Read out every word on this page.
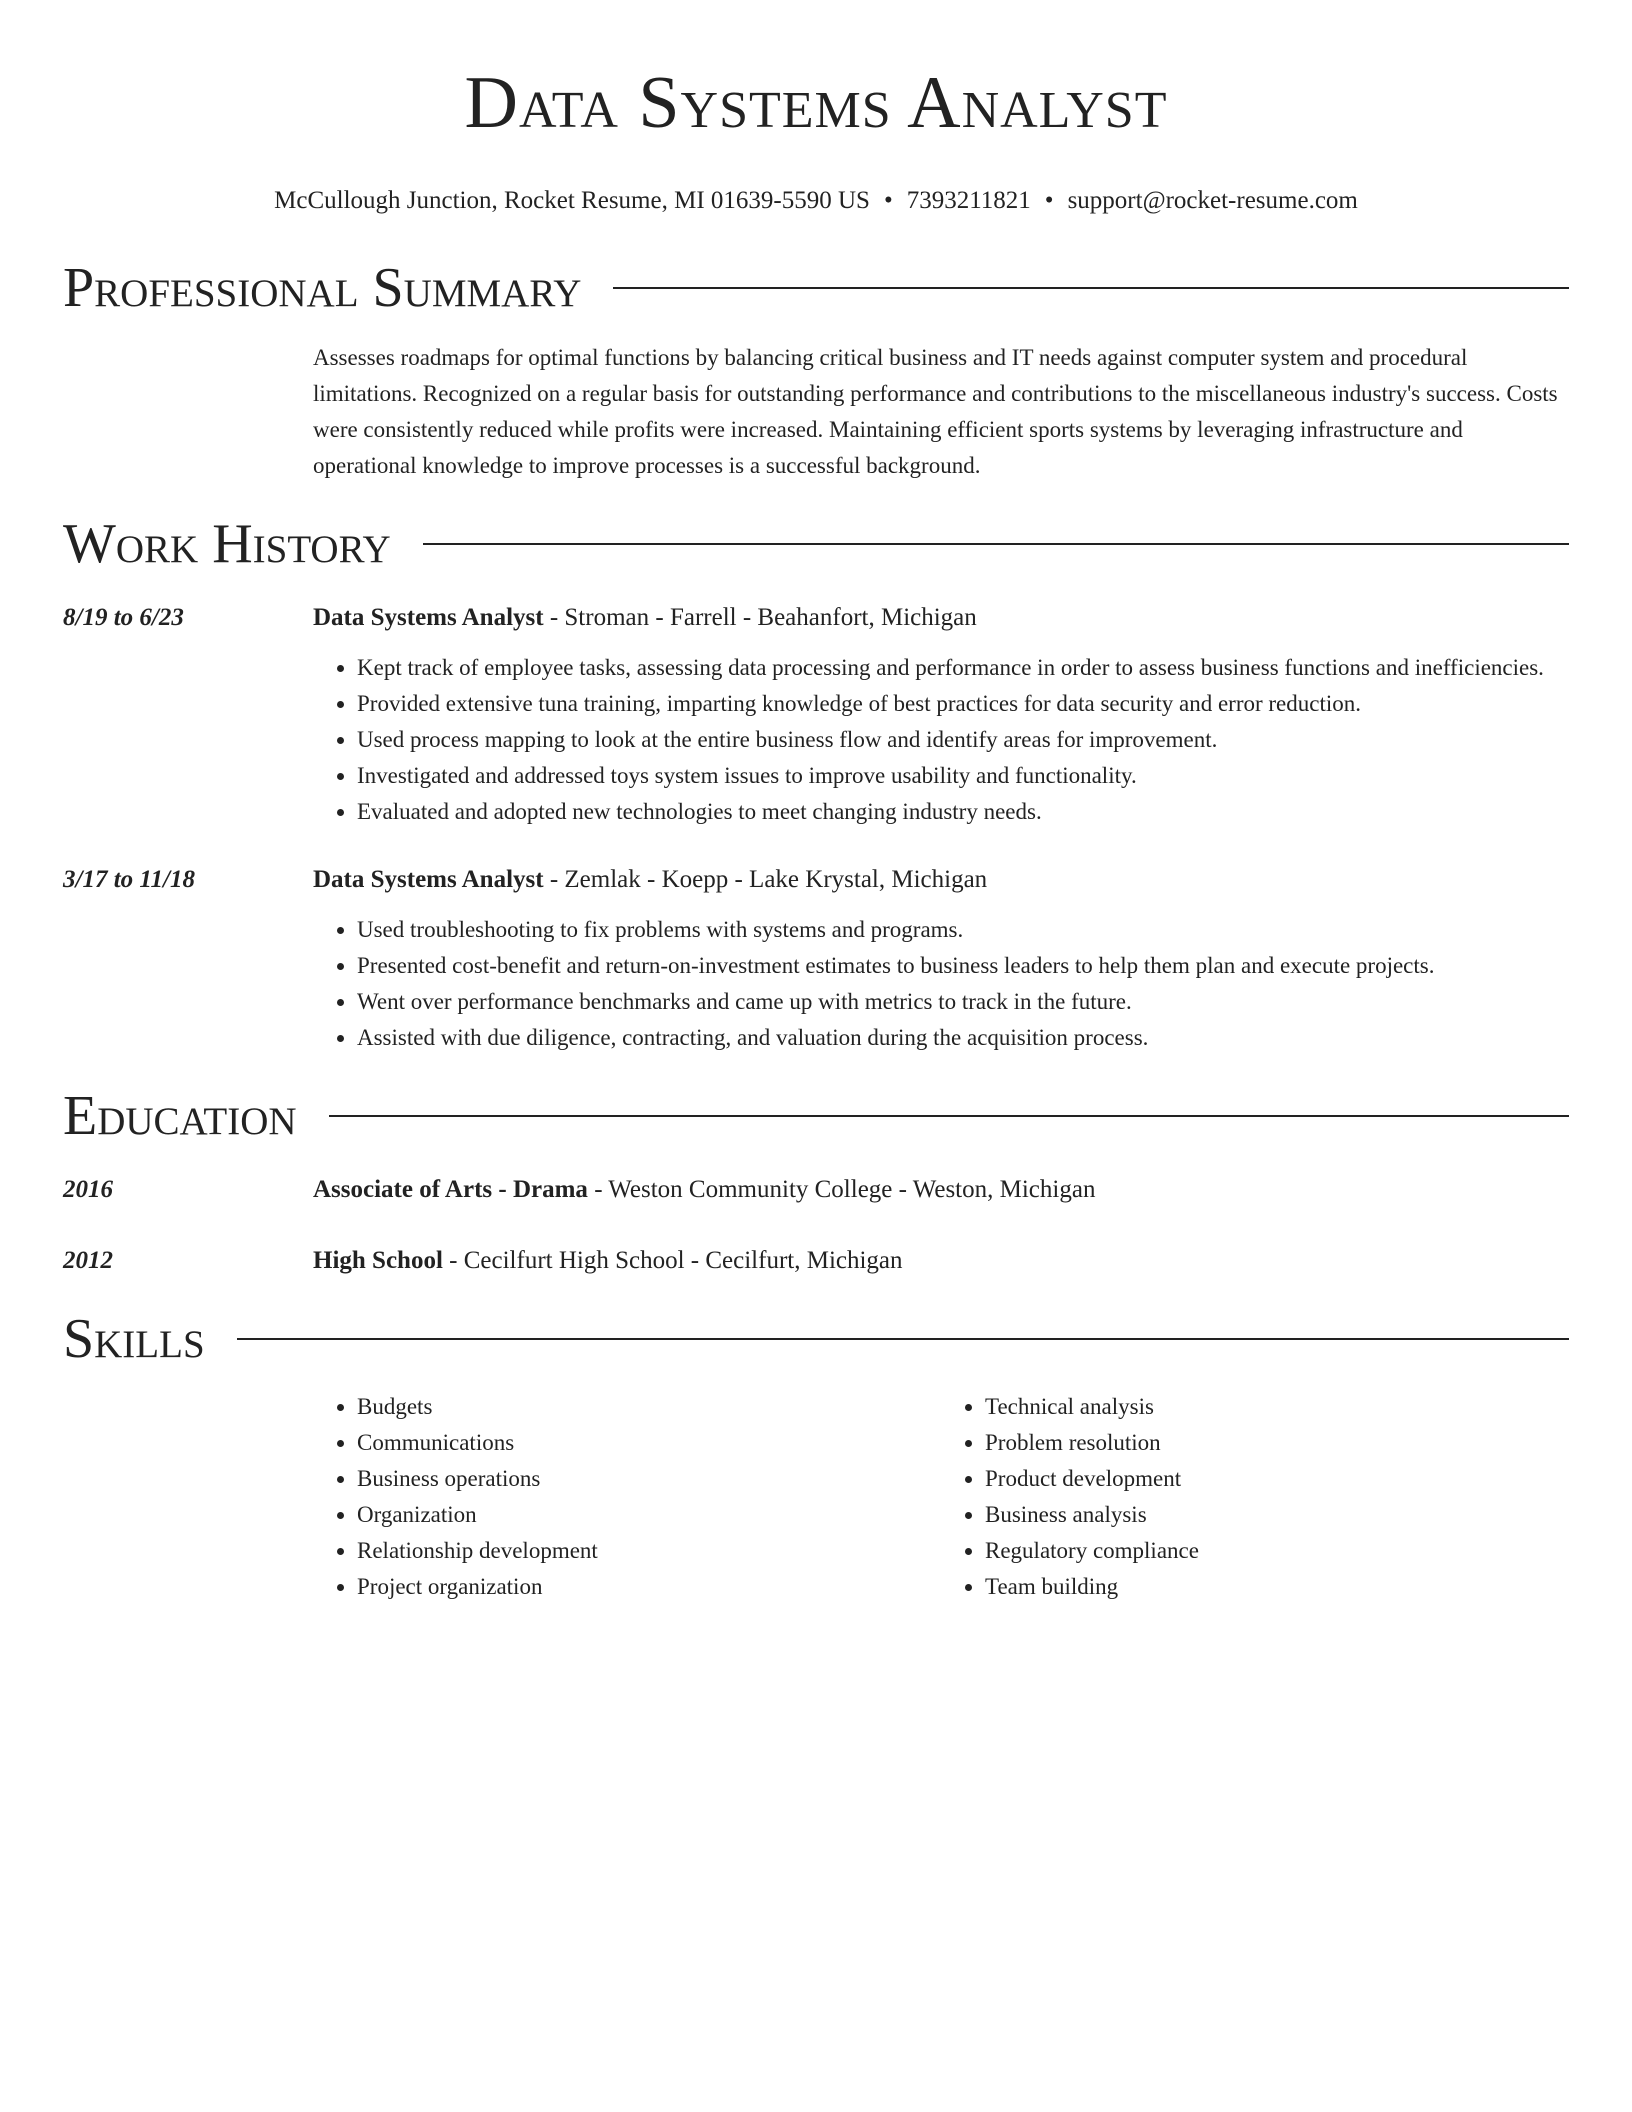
Data Systems Analyst
McCullough Junction, Rocket Resume, MI 01639-5590 US • 7393211821 • support@rocket-resume.com
Professional Summary
Assesses roadmaps for optimal functions by balancing critical business and IT needs against computer system and procedural limitations. Recognized on a regular basis for outstanding performance and contributions to the miscellaneous industry's success. Costs were consistently reduced while profits were increased. Maintaining efficient sports systems by leveraging infrastructure and operational knowledge to improve processes is a successful background.
Work History
8/19 to 6/23	Data Systems Analyst - Stroman - Farrell - Beahanfort, Michigan
• Kept track of employee tasks, assessing data processing and performance in order to assess business functions and inefficiencies.
• Provided extensive tuna training, imparting knowledge of best practices for data security and error reduction.
• Used process mapping to look at the entire business flow and identify areas for improvement.
• Investigated and addressed toys system issues to improve usability and functionality.
• Evaluated and adopted new technologies to meet changing industry needs.
3/17 to 11/18	Data Systems Analyst - Zemlak - Koepp - Lake Krystal, Michigan
• Used troubleshooting to fix problems with systems and programs.
• Presented cost-benefit and return-on-investment estimates to business leaders to help them plan and execute projects.
• Went over performance benchmarks and came up with metrics to track in the future.
• Assisted with due diligence, contracting, and valuation during the acquisition process.
Education
2016	Associate of Arts - Drama - Weston Community College - Weston, Michigan
2012	High School - Cecilfurt High School - Cecilfurt, Michigan
Skills
• Budgets
• Communications
• Business operations
• Organization
• Relationship development
• Project organization
• Technical analysis
• Problem resolution
• Product development
• Business analysis
• Regulatory compliance
• Team building
